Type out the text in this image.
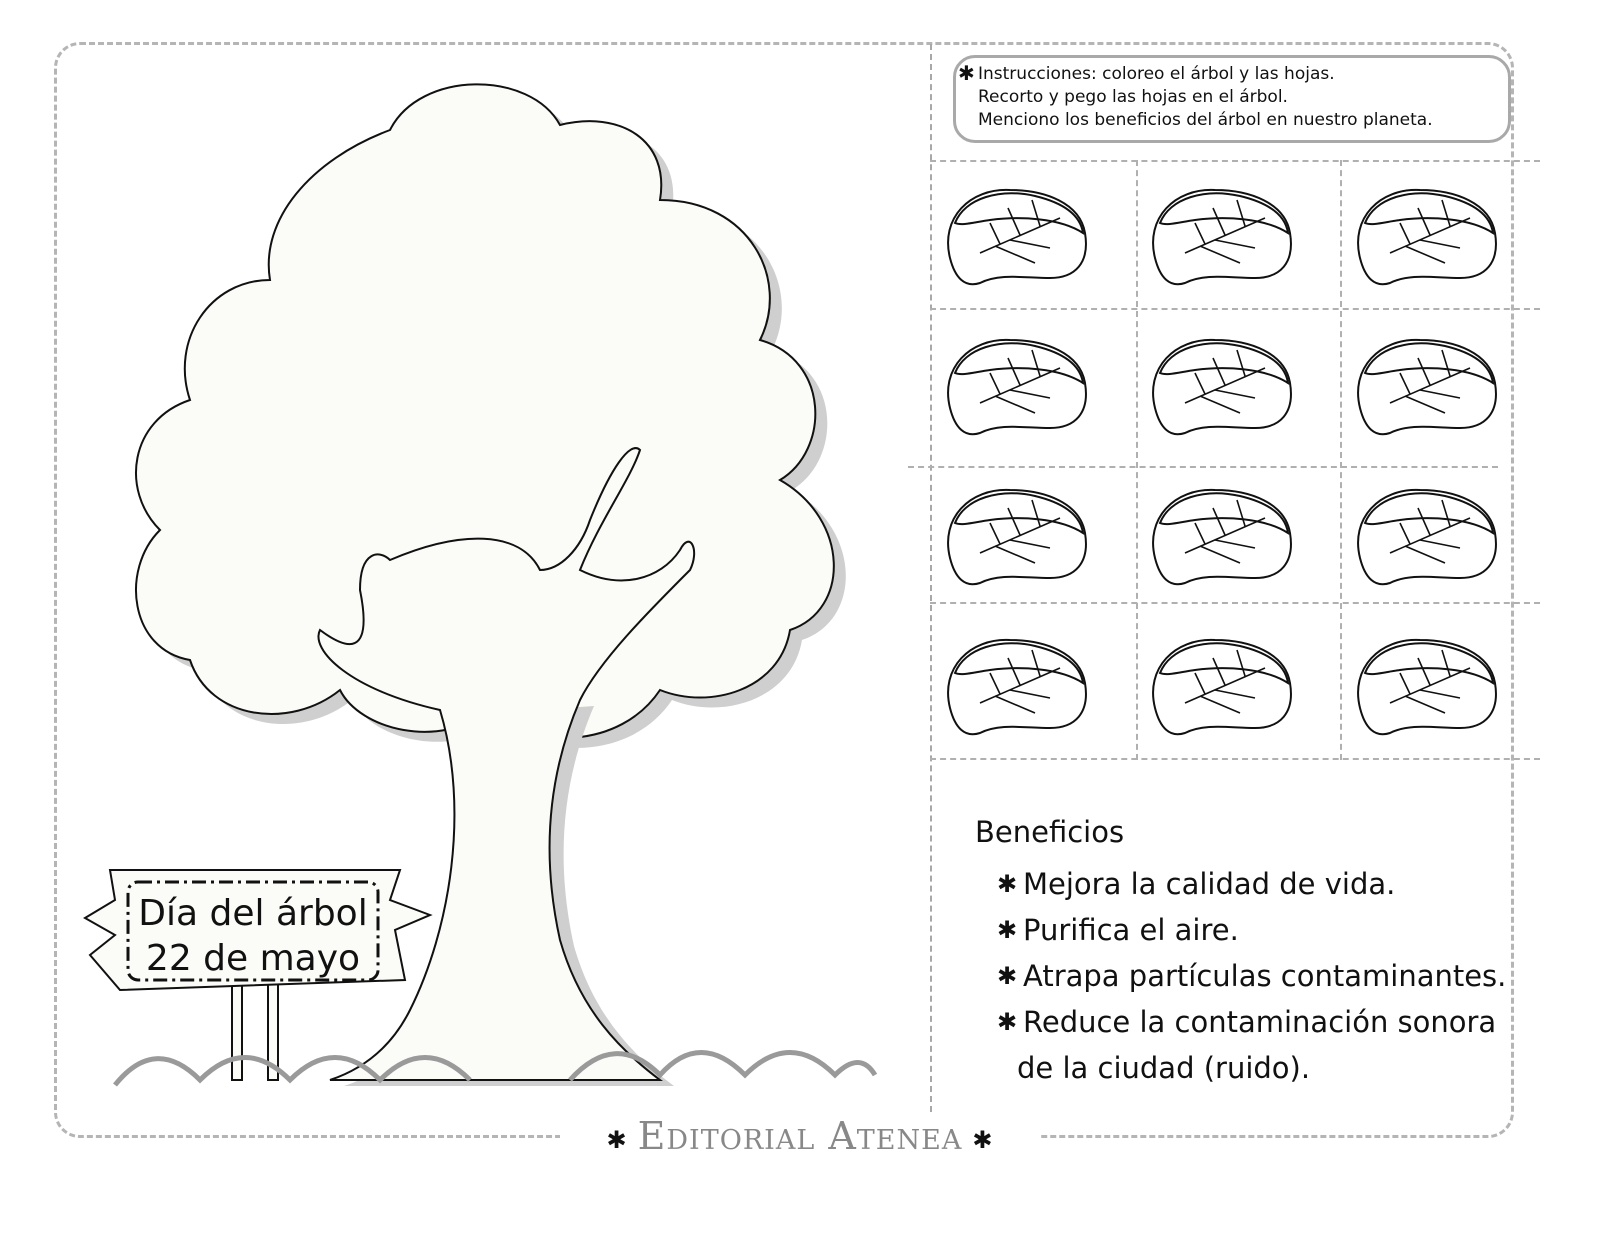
Día del árbol
22 de mayo
✱ Instrucciones: coloreo el árbol y las hojas.
Recorto y pego las hojas en el árbol.
Menciono los beneficios del árbol en nuestro planeta.
Beneficios
✱ Mejora la calidad de vida.
✱ Purifica el aire.
✱ Atrapa partículas contaminantes.
✱ Reduce la contaminación sonora
de la ciudad (ruido).
✱ Editorial Atenea ✱
